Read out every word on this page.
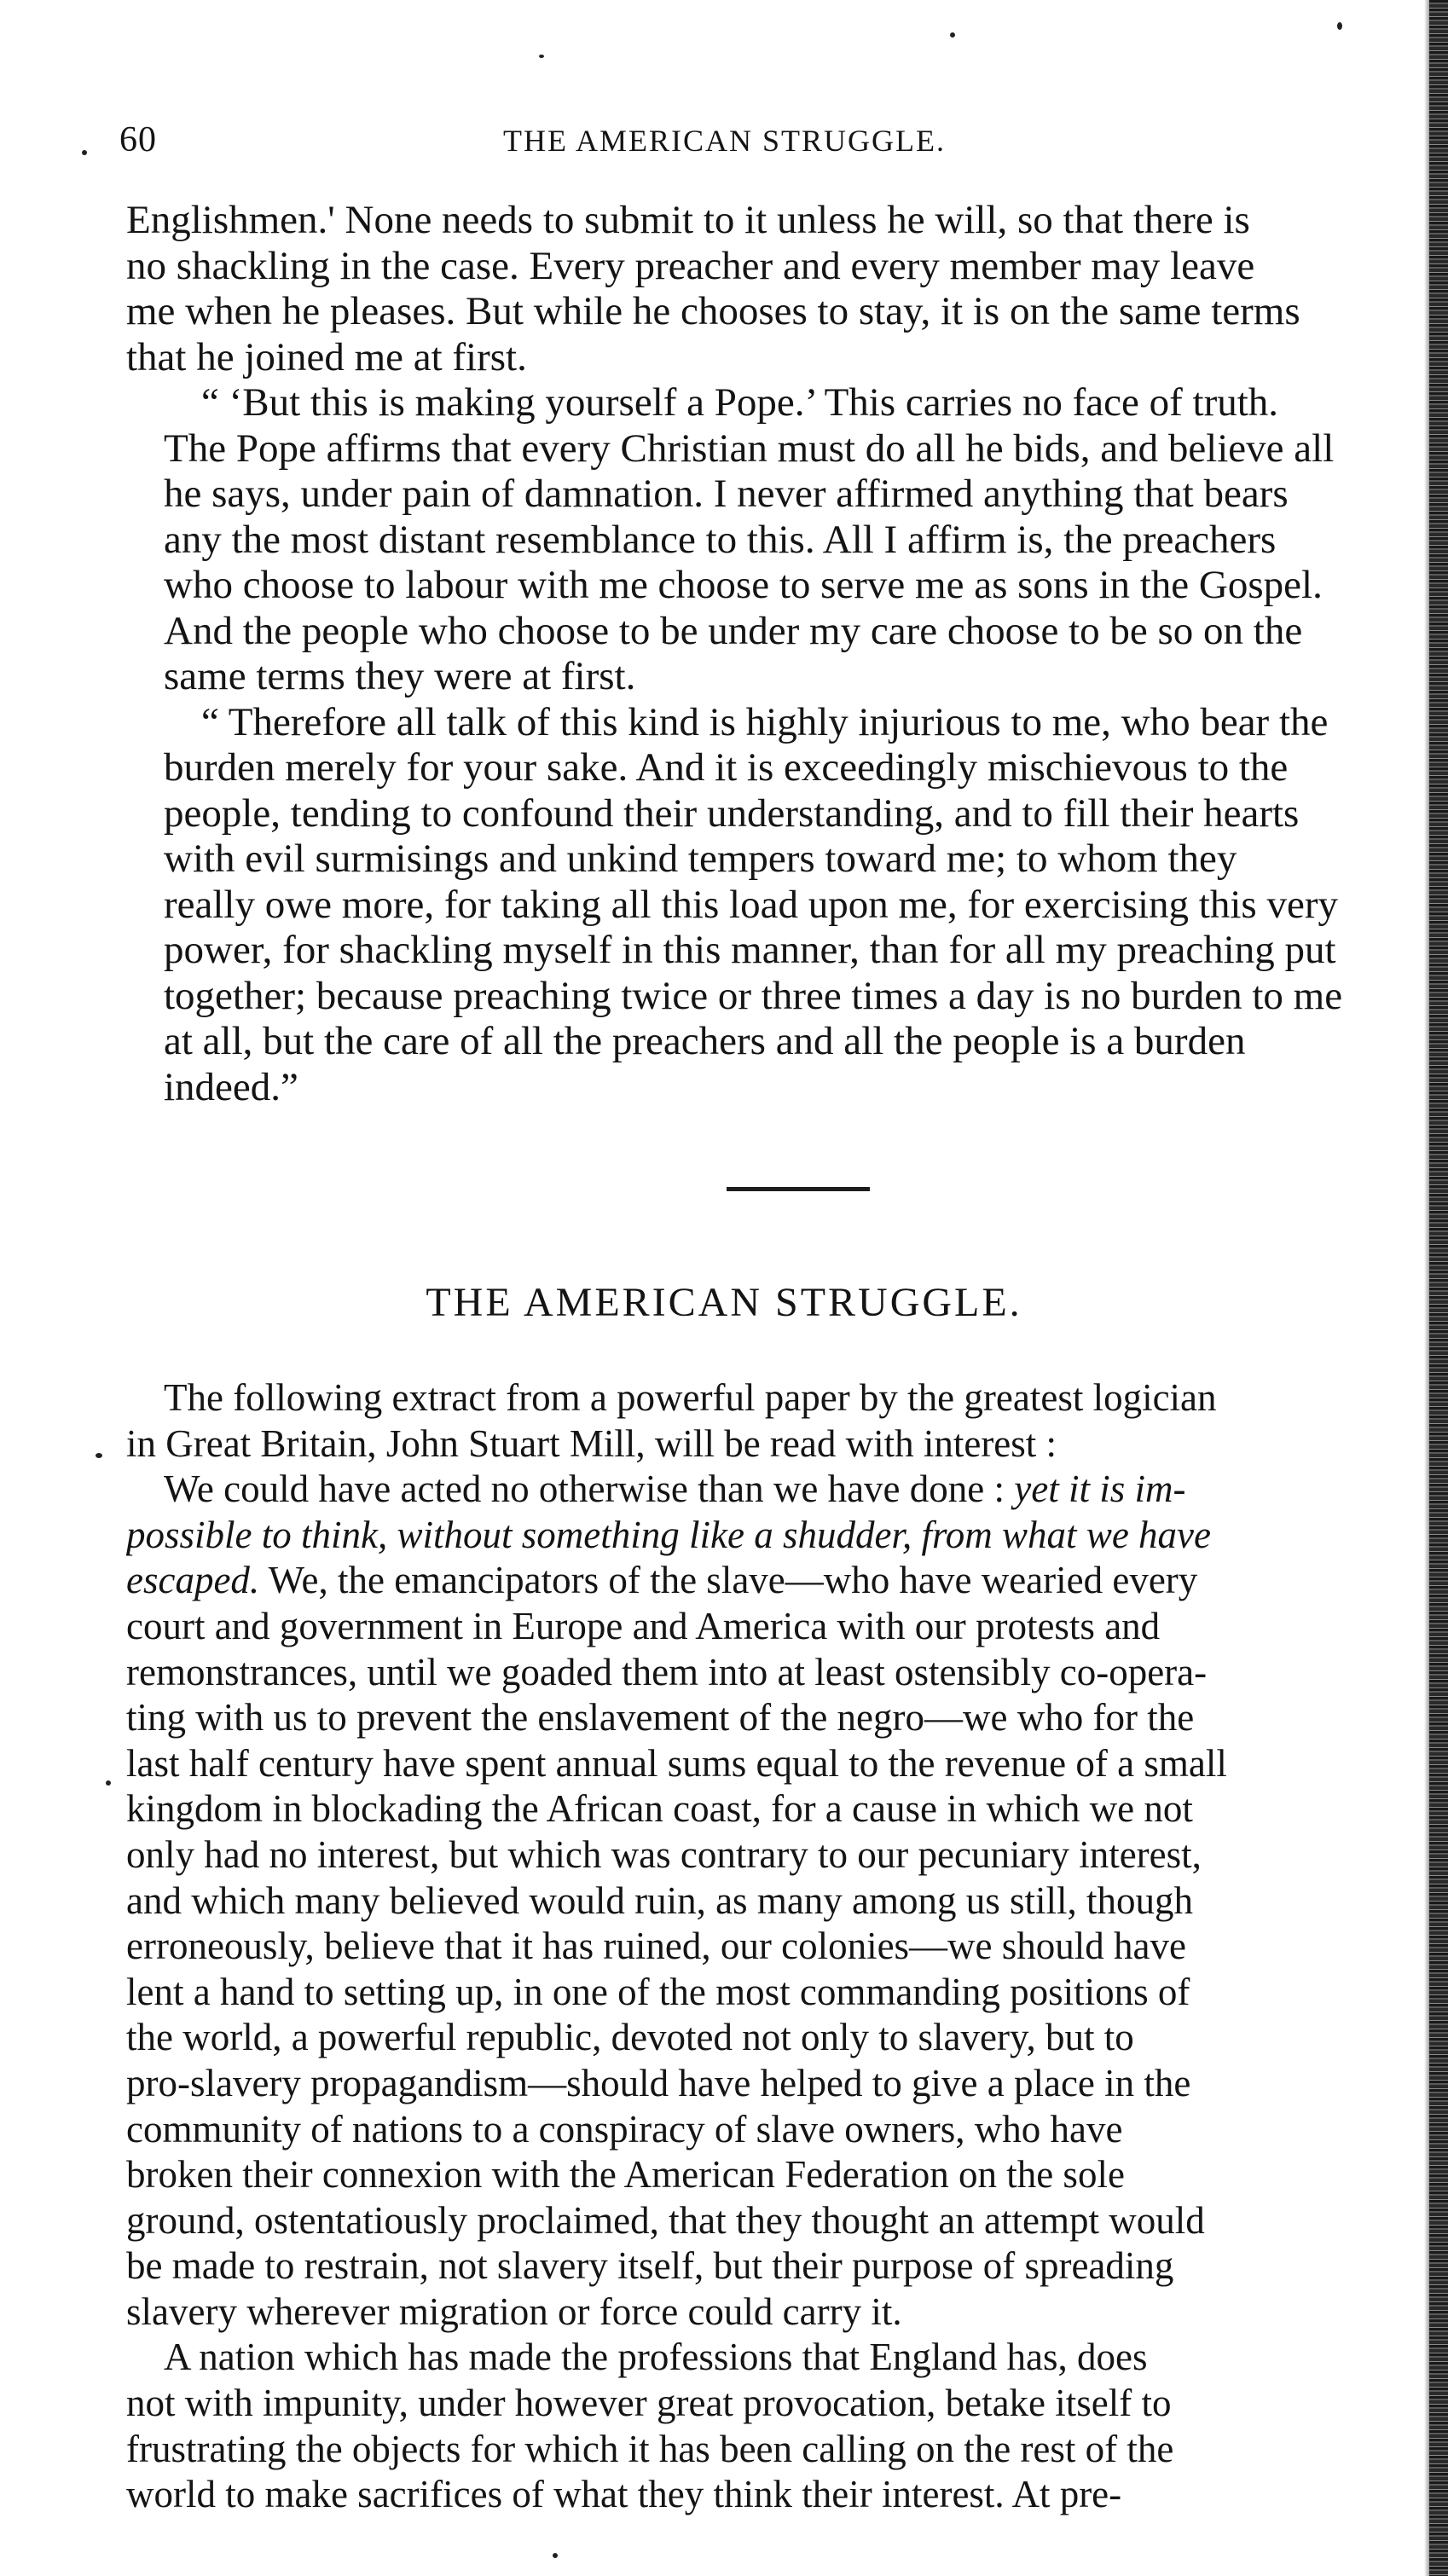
60	THE AMERICAN STRUGGLE.

Englishmen.' None needs to submit to it unless he will, so that there is
no shackling in the case. Every preacher and every member may leave
me when he pleases. But while he chooses to stay, it is on the same terms
that he joined me at first.

“ ‘But this is making yourself a Pope.’ This carries no face of truth.
The Pope affirms that every Christian must do all he bids, and believe all
he says, under pain of damnation. I never affirmed anything that bears
any the most distant resemblance to this. All I affirm is, the preachers
who choose to labour with me choose to serve me as sons in the Gospel.
And the people who choose to be under my care choose to be so on the
same terms they were at first.

“ Therefore all talk of this kind is highly injurious to me, who bear the
burden merely for your sake. And it is exceedingly mischievous to the
people, tending to confound their understanding, and to fill their hearts
with evil surmisings and unkind tempers toward me; to whom they
really owe more, for taking all this load upon me, for exercising this very
power, for shackling myself in this manner, than for all my preaching put
together; because preaching twice or three times a day is no burden to me
at all, but the care of all the preachers and all the people is a burden
indeed.”

THE AMERICAN STRUGGLE.

The following extract from a powerful paper by the greatest logician
in Great Britain, John Stuart Mill, will be read with interest :

We could have acted no otherwise than we have done : yet it is im-
possible to think, without something like a shudder, from what we have
escaped. We, the emancipators of the slave—who have wearied every
court and government in Europe and America with our protests and
remonstrances, until we goaded them into at least ostensibly co-opera-
ting with us to prevent the enslavement of the negro—we who for the
last half century have spent annual sums equal to the revenue of a small
kingdom in blockading the African coast, for a cause in which we not
only had no interest, but which was contrary to our pecuniary interest,
and which many believed would ruin, as many among us still, though
erroneously, believe that it has ruined, our colonies—we should have
lent a hand to setting up, in one of the most commanding positions of
the world, a powerful republic, devoted not only to slavery, but to
pro-slavery propagandism—should have helped to give a place in the
community of nations to a conspiracy of slave owners, who have
broken their connexion with the American Federation on the sole
ground, ostentatiously proclaimed, that they thought an attempt would
be made to restrain, not slavery itself, but their purpose of spreading
slavery wherever migration or force could carry it.

A nation which has made the professions that England has, does
not with impunity, under however great provocation, betake itself to
frustrating the objects for which it has been calling on the rest of the
world to make sacrifices of what they think their interest. At pre-
